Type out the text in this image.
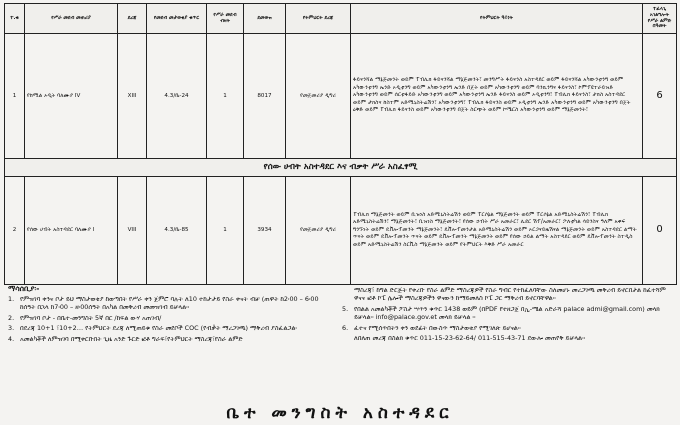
ተ.ቁ	የሥራ መደብ መጠሪያ	ደረጃ	የመደብ መታወቂያ ቁጥር	የሥራ መደብ ብዛት	ደመወዝ	የትምህርት ደረጃ	የትምህርት ዓይነት	ተፈላጊ አገልግሎት የሥራ ልምድ በዓመት
1	የከሚል ኦዲት ባለሙያ IV	XIII	4.3/ቤ-24	1	8017	የመጀመሪያ ዲግሪ	ፋይናንሻል ማኔጅመንት ወይም ፐብሊክ ፋይናንሻል ማኔጅመንት፣ መንግሥት ፋይናንስ አስተዳደር ወይም ፋይናንሻል አካውንቲንግ ወይም አካውንቲንግ ኤንድ ኦዲቲንግ ወይም አካውንቲንግ ኤንድ በጀት ወይም አካውንቲንግ ወይም ባንኪንግና ፋይናንስ፣ ኮምፕዩተራይዝድ አካውንቲንግ ወይም ሰርቲፋይድ አካውንቲንግ ወይም አካውንቲንግ ኤንድ ፋይናንስ ወይም ኦዲቲንግ፣ ፐብሊክ ፋይናንስ፣ ታክስ አስተዳደር ወይም ታክስና ከስተም አድሚኒስትሬሽን፣ አካውንቲንግ፣ ፐብሊክ ፋይናንስ ወይም ኦዲቲንግ ኤንድ አካውንቲንግ ወይም አካውንቲንግ በጀት ዕቅድ ወይም ፐብሊክ ፋይናንስ ወይም አካውንቲንግ በጀት ስርጭት ወይም ኮሜርስ አካውንቲንግ ወይም ማኔጅመንት፣	6
የሰው ሀብት አስተዳደር እና ብቃት ሥራ አስፈፃሚ								
2	የሰው ሀብት አስተዳደር ባለሙያ I	VIII	4.3/ቤ-85	1	3934	የመጀመሪያ ዲግሪ	ፐብሊክ ማኔጅመንት ወይም ቢዝነስ አድሚኒስትሬሽን ወይም ፐርሶኔል ማኔጅመንት ወይም ፐርሶኔል አድሚኒስትሬሽን፣ ፐብሊክ አድሚኒስትሬሽን፣ ማኔጅመንት፣ ቢዝነስ ማኔጅመንት፣ የሰው ኃብት ሥራ አመራር፣ ሊደር ሽፕ/አመራር፣ ፖለቲካል ሳይንስና ዓለም አቀፍ ግንኙነት ወይም ዴቨሎፕመንት ማኔጅመንት፣ ዴቨሎፕመንታል አድሚኒስትሬሽን ወይም ኦርጋናይዜሽናል ማኔጅመንት ወይም አስተዳደር ልማት ጥናት ወይም ዴቨሎፕመንት ጥናት ወይም ዴቨሎፕመንት ማኔጅመንት ወይም የሰው ኃይል ልማት አስተዳደር ወይም ዴቨሎፕመንት ስተዲስ ወይም አድሚኒስትሬሽን ስርቪስ ማኔጅመንት ወይም የትምህርት እቅድ ሥራ አመራር	0
ማሳሰቢያ፡-
1. የምዝገባ ቀንና ቦታ ይህ ማስታወቂያ ከወጣበት የሥራ ቀን ጀምሮ ባሉት ለ10 ተከታታይ የስራ ቀናት ብቻ (ጠዋት ከ2፡00 – 6፡00 ከሰዓት በኋላ ከ7፡00 – ዘ፡00ሰዓት በአካል በመቅረብ መመዝገብ ይቻላል፡፡
2. የምዝገባ ቦታ - በቤተ-መንግስት 5ኛ በር /ከፍል ውሃ አጠገብ/
3. በደረጃ 10+1 ፣10+2… የትምህርት ደረጃ ለሚጠይቁ የስራ መደቦች COC (የብቃት ማረጋገጫ) ማቅረብ ያስፈልጋል፡
4. አመልካቾች ለምዝገባ በሚቀርቡበት ጊዜ አንድ ጉርድ ፎቶ ግራፍ፣የትምህርት ማስረጃ፣የስራ ልምድ
ማስረጃ፣ ከግል ድርጅት የቀረቡ የስራ ልምድ ማስረጃዎች የስራ ግብር የተከፈለባቸው ስለመሆኑ መረጋገጫ መቅረብ ይኖርበታል ከፈተሻም ዋናና ፎቶ ኮፒ ሌሎች ማስረጃዎችን ዋናውን ከማይመለስ ኮፒ ጋር ማቅረብ ይኖርባቸዋል፡፡
5. የበልል አመልካቾች ፖስታ ሣጥን ቁጥር 1438 ወይም (በPDF የተዘጋጀ በኢ-ሜል አድራሻ palace admi@gmail.com) መላክ ይቻላል፡፡ info@palace.gov.et መላክ ይቻላል ፡፡
6. ፈተና የሚሰጥበትን ቀን ወደፊት በውስጥ ማስታወቂያ የሚገለጽ ይሆናል፡፡
ለበለጠ መረጃ በስልክ ቁጥር 011-15-23-62-64/ 011-515-43-71 ደውሎ መጠየቅ ይቻላል፡፡
ቤተ መንግስት አስተዳደር
